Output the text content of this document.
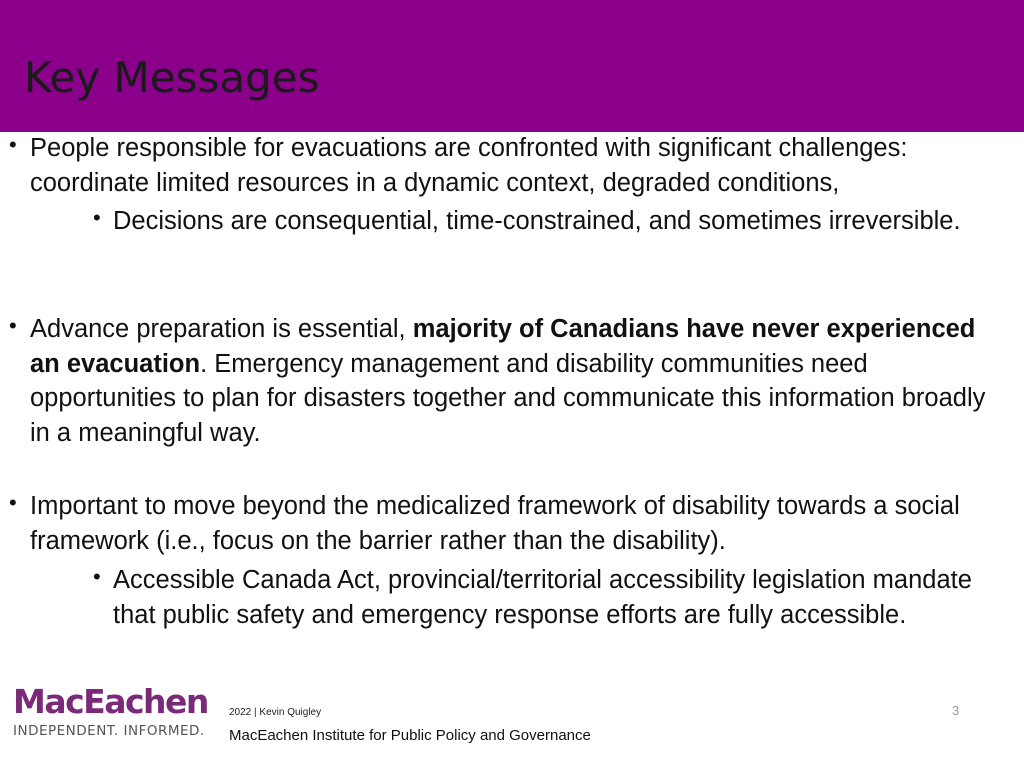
Key Messages
• People responsible for evacuations are confronted with significant challenges: coordinate limited resources in a dynamic context, degraded conditions,
• Decisions are consequential, time-constrained, and sometimes irreversible.
• Advance preparation is essential, majority of Canadians have never experienced an evacuation. Emergency management and disability communities need opportunities to plan for disasters together and communicate this information broadly in a meaningful way.
• Important to move beyond the medicalized framework of disability towards a social framework (i.e., focus on the barrier rather than the disability).
• Accessible Canada Act, provincial/territorial accessibility legislation mandate that public safety and emergency response efforts are fully accessible.
MacEachen
INDEPENDENT. INFORMED.
2022 | Kevin Quigley
MacEachen Institute for Public Policy and Governance
3
